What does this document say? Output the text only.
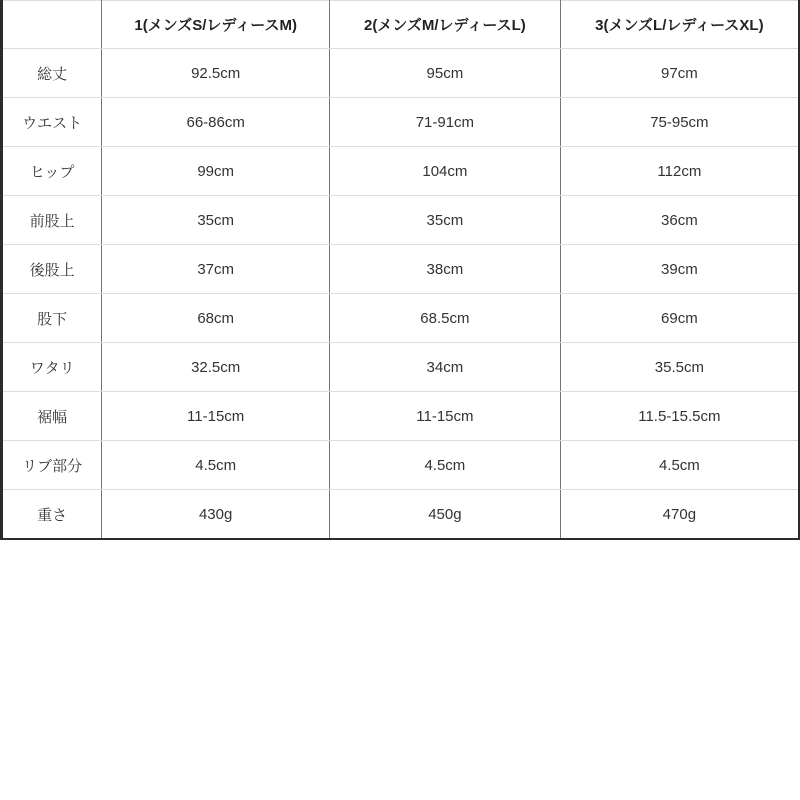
	1(メンズS/レディースM)	2(メンズM/レディースL)	3(メンズL/レディースXL)
総丈	92.5cm	95cm	97cm
ウエスト	66-86cm	71-91cm	75-95cm
ヒップ	99cm	104cm	112cm
前股上	35cm	35cm	36cm
後股上	37cm	38cm	39cm
股下	68cm	68.5cm	69cm
ワタリ	32.5cm	34cm	35.5cm
裾幅	11-15cm	11-15cm	11.5-15.5cm
リブ部分	4.5cm	4.5cm	4.5cm
重さ	430g	450g	470g
